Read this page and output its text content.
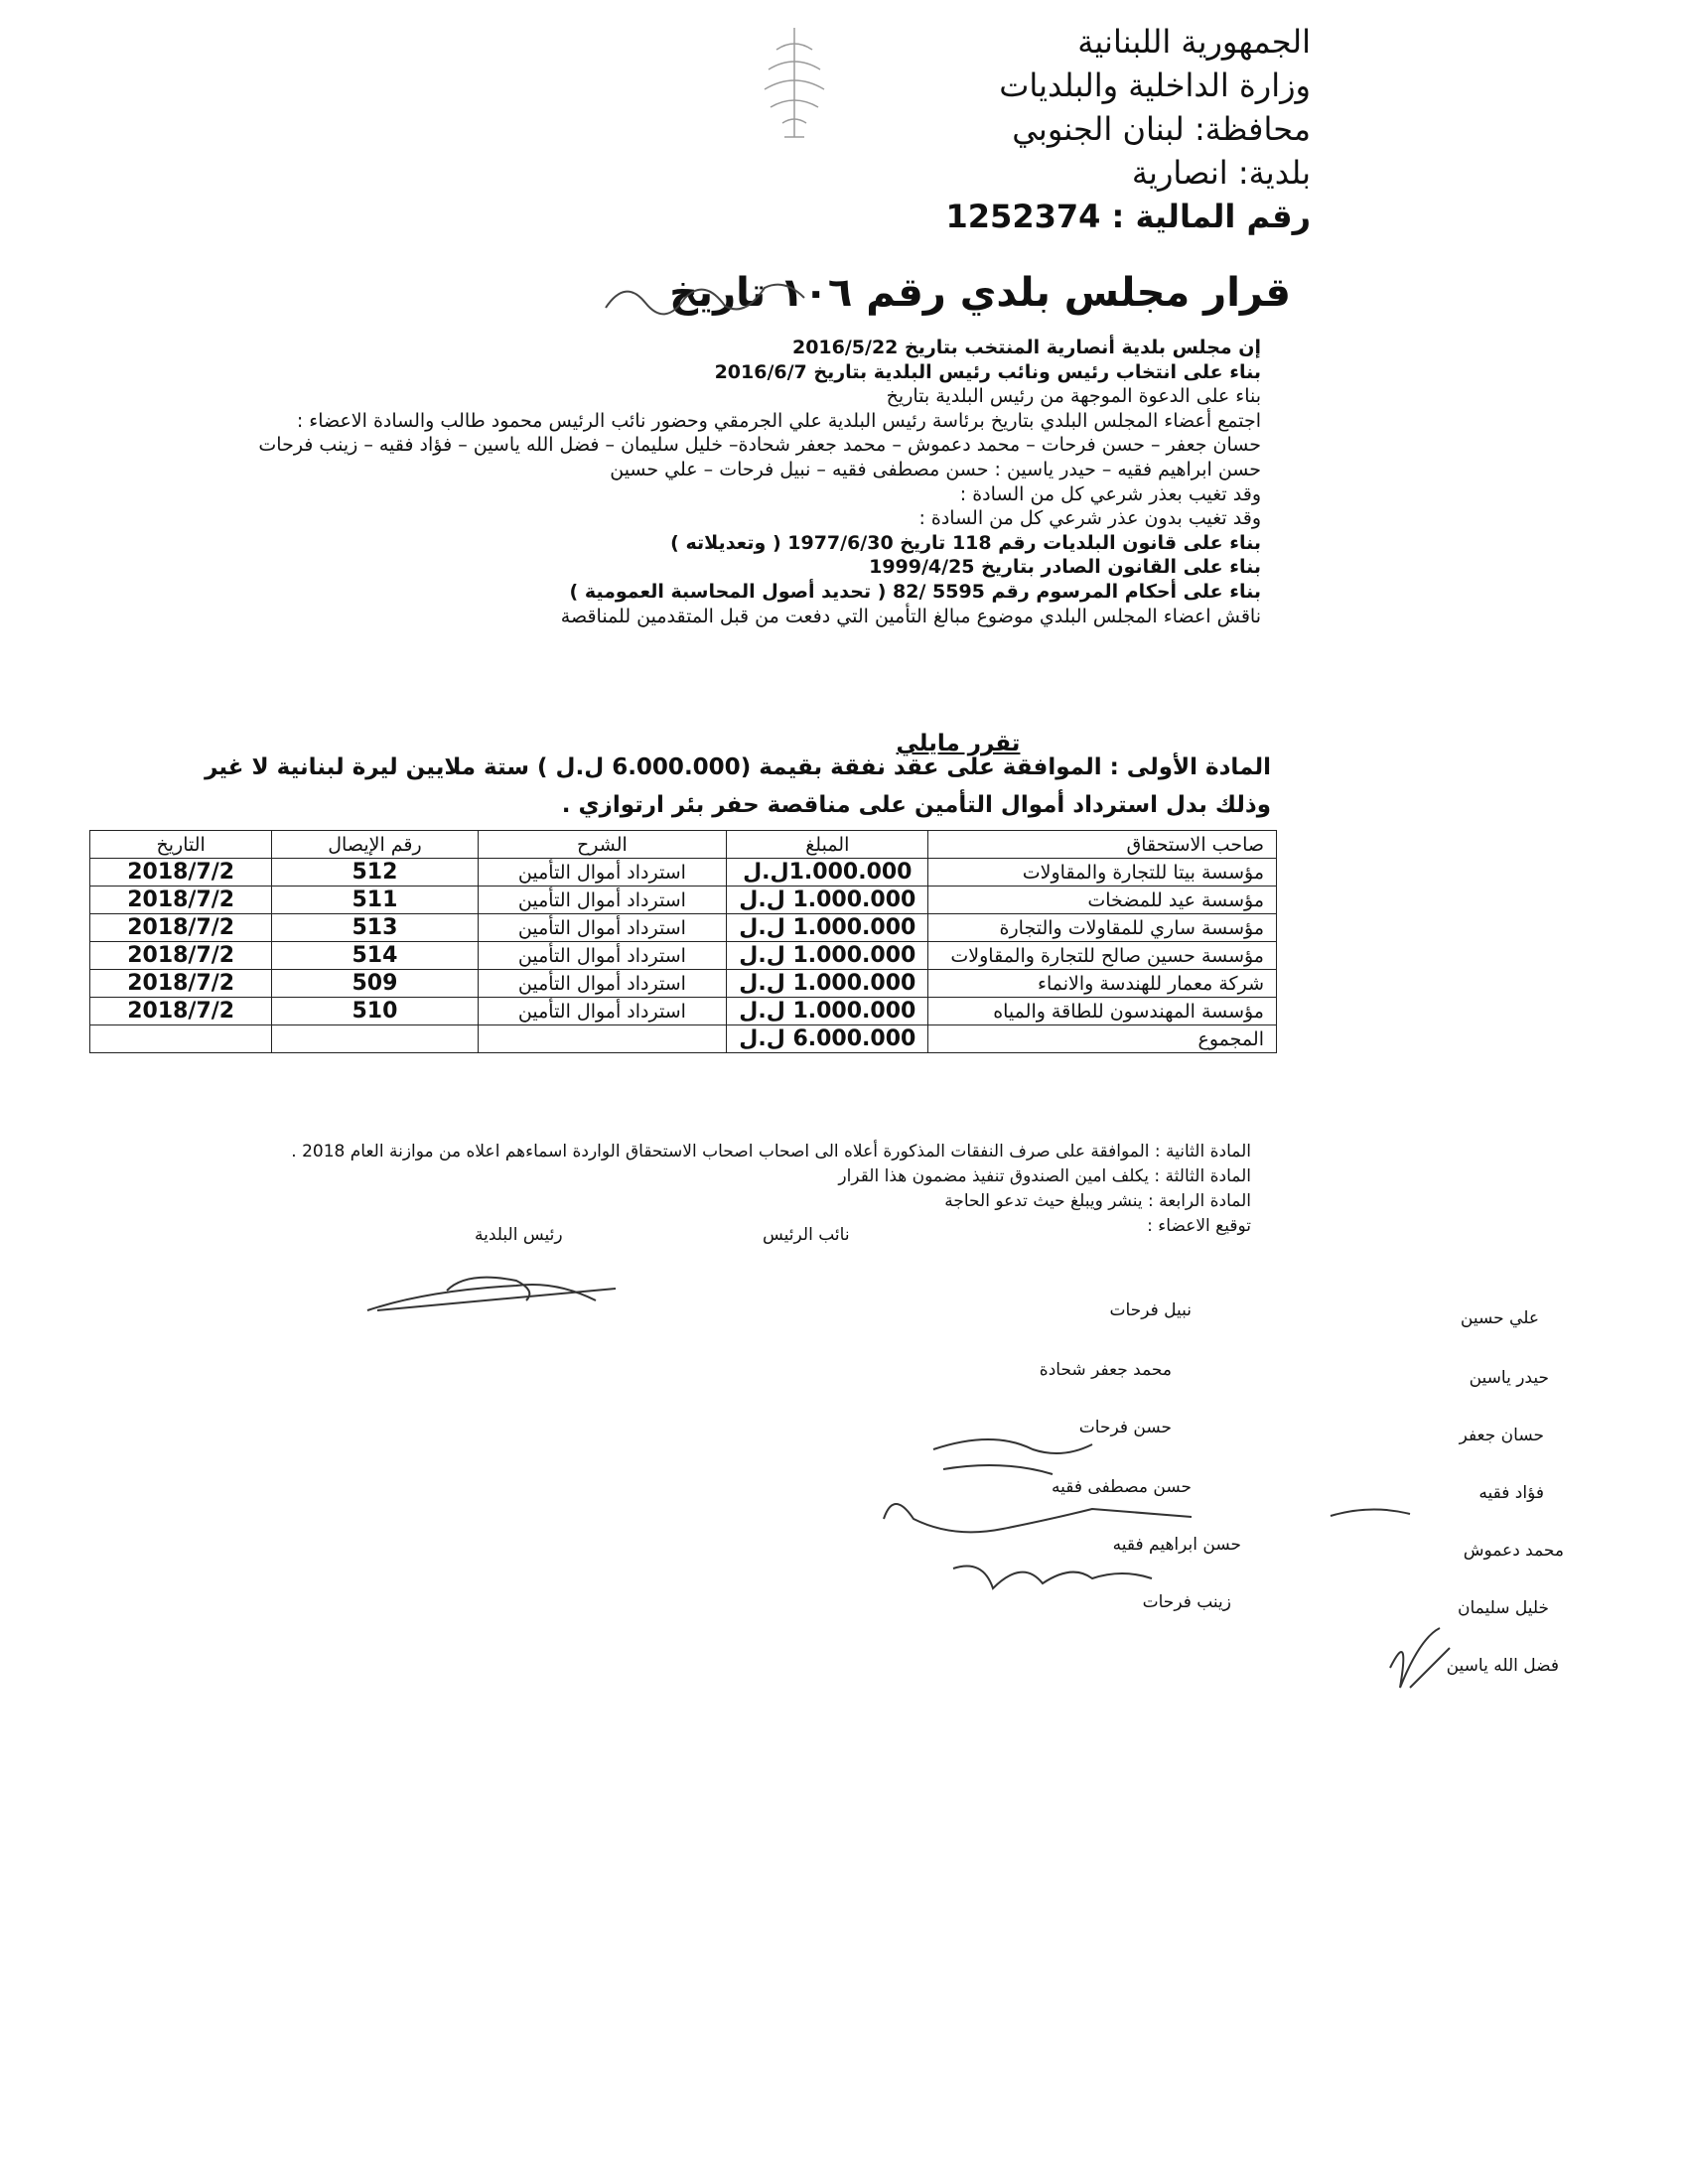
الجمهورية اللبنانية
وزارة الداخلية والبلديات
محافظة: لبنان الجنوبي
بلدية: انصارية
رقم المالية : 1252374
قرار مجلس بلدي رقم ١٠٦ تاريخ
إن مجلس بلدية أنصارية المنتخب بتاريخ 2016/5/22
بناء على انتخاب رئيس ونائب رئيس البلدية بتاريخ 2016/6/7
بناء على الدعوة الموجهة من رئيس البلدية بتاريخ
اجتمع أعضاء المجلس البلدي بتاريخ برئاسة رئيس البلدية علي الجرمقي وحضور نائب الرئيس محمود طالب والسادة الاعضاء :
حسان جعفر – حسن فرحات – محمد دعموش – محمد جعفر شحادة– خليل سليمان – فضل الله ياسين – فؤاد فقيه – زينب فرحات
حسن ابراهيم فقيه – حيدر ياسين : حسن مصطفى فقيه – نبيل فرحات – علي حسين
وقد تغيب بعذر شرعي كل من السادة :
وقد تغيب بدون عذر شرعي كل من السادة :
بناء على قانون البلديات رقم 118 تاريخ 1977/6/30 ( وتعديلاته )
بناء على القانون الصادر بتاريخ 1999/4/25
بناء على أحكام المرسوم رقم 5595 /82 ( تحديد أصول المحاسبة العمومية )
ناقش اعضاء المجلس البلدي موضوع مبالغ التأمين التي دفعت من قبل المتقدمين للمناقصة
تقرر مايلي
المادة الأولى : الموافقة على عقد نفقة بقيمة (6.000.000 ل.ل ) ستة ملايين ليرة لبنانية لا غير وذلك بدل استرداد أموال التأمين على مناقصة حفر بئر ارتوازي .
صاحب الاستحقاق	المبلغ	الشرح	رقم الإيصال	التاريخ
مؤسسة بيتا للتجارة والمقاولات	1.000.000ل.ل	استرداد أموال التأمين	512	2018/7/2
مؤسسة عيد للمضخات	1.000.000 ل.ل	استرداد أموال التأمين	511	2018/7/2
مؤسسة ساري للمقاولات والتجارة	1.000.000 ل.ل	استرداد أموال التأمين	513	2018/7/2
مؤسسة حسين صالح للتجارة والمقاولات	1.000.000 ل.ل	استرداد أموال التأمين	514	2018/7/2
شركة معمار للهندسة والانماء	1.000.000 ل.ل	استرداد أموال التأمين	509	2018/7/2
مؤسسة المهندسون للطاقة والمياه	1.000.000 ل.ل	استرداد أموال التأمين	510	2018/7/2
المجموع	6.000.000 ل.ل			
المادة الثانية : الموافقة على صرف النفقات المذكورة أعلاه الى اصحاب اصحاب الاستحقاق الواردة اسماءهم اعلاه من موازنة العام 2018 .
المادة الثالثة : يكلف امين الصندوق تنفيذ مضمون هذا القرار
المادة الرابعة : ينشر ويبلغ حيث تدعو الحاجة
توقيع الاعضاء :
رئيس البلدية	نائب الرئيس
نبيل فرحات
محمد جعفر شحادة
حسن فرحات
حسن مصطفى فقيه
حسن ابراهيم فقيه
زينب فرحات
علي حسين
حيدر ياسين
حسان جعفر
فؤاد فقيه
محمد دعموش
خليل سليمان
فضل الله ياسين
